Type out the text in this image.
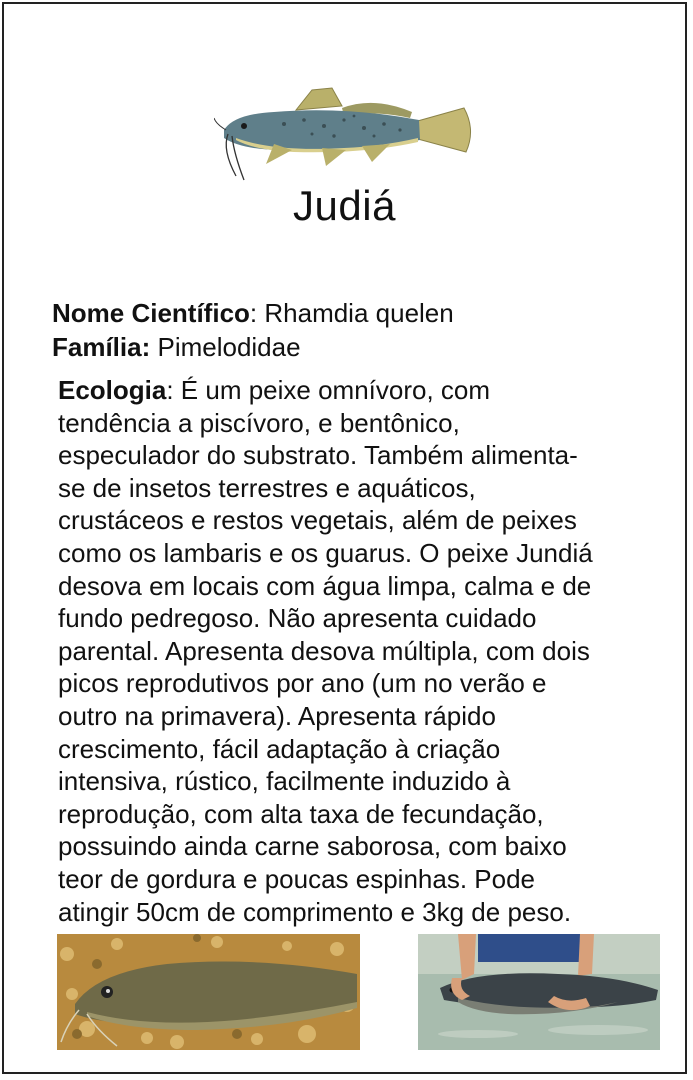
Judiá
Nome Científico: Rhamdia quelen
Família: Pimelodidae
Ecologia: É um peixe omnívoro, com
tendência a piscívoro, e bentônico,
especulador do substrato. Também alimenta-
se de insetos terrestres e aquáticos,
crustáceos e restos vegetais, além de peixes
como os lambaris e os guarus. O peixe Jundiá
desova em locais com água limpa, calma e de
fundo pedregoso. Não apresenta cuidado
parental. Apresenta desova múltipla, com dois
picos reprodutivos por ano (um no verão e
outro na primavera). Apresenta rápido
crescimento, fácil adaptação à criação
intensiva, rústico, facilmente induzido à
reprodução, com alta taxa de fecundação,
possuindo ainda carne saborosa, com baixo
teor de gordura e poucas espinhas. Pode
atingir 50cm de comprimento e 3kg de peso.
